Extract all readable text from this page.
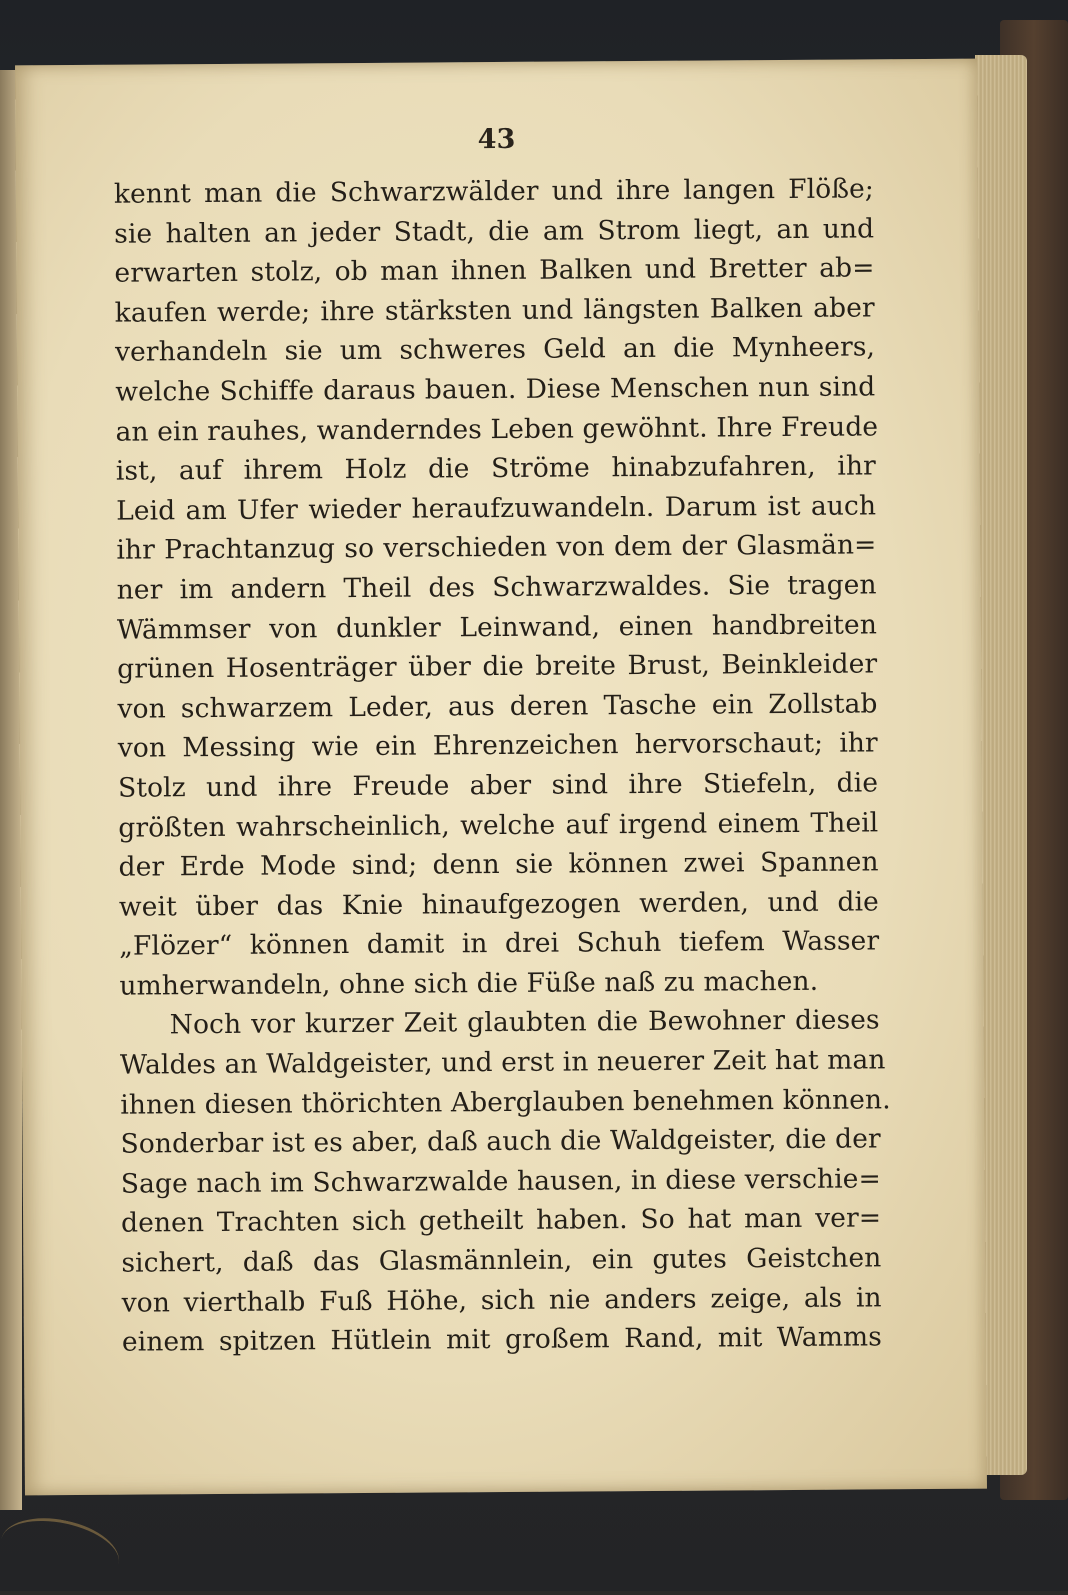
43
kennt man die Schwarzwälder und ihre langen Flöße;
sie halten an jeder Stadt, die am Strom liegt, an und
erwarten stolz, ob man ihnen Balken und Bretter ab=
kaufen werde; ihre stärksten und längsten Balken aber
verhandeln sie um schweres Geld an die Mynheers,
welche Schiffe daraus bauen. Diese Menschen nun sind
an ein rauhes, wanderndes Leben gewöhnt. Ihre Freude
ist, auf ihrem Holz die Ströme hinabzufahren, ihr
Leid am Ufer wieder heraufzuwandeln. Darum ist auch
ihr Prachtanzug so verschieden von dem der Glasmän=
ner im andern Theil des Schwarzwaldes. Sie tragen
Wämmser von dunkler Leinwand, einen handbreiten
grünen Hosenträger über die breite Brust, Beinkleider
von schwarzem Leder, aus deren Tasche ein Zollstab
von Messing wie ein Ehrenzeichen hervorschaut; ihr
Stolz und ihre Freude aber sind ihre Stiefeln, die
größten wahrscheinlich, welche auf irgend einem Theil
der Erde Mode sind; denn sie können zwei Spannen
weit über das Knie hinaufgezogen werden, und die
„Flözer“ können damit in drei Schuh tiefem Wasser
umherwandeln, ohne sich die Füße naß zu machen.
Noch vor kurzer Zeit glaubten die Bewohner dieses
Waldes an Waldgeister, und erst in neuerer Zeit hat man
ihnen diesen thörichten Aberglauben benehmen können.
Sonderbar ist es aber, daß auch die Waldgeister, die der
Sage nach im Schwarzwalde hausen, in diese verschie=
denen Trachten sich getheilt haben. So hat man ver=
sichert, daß das Glasmännlein, ein gutes Geistchen
von vierthalb Fuß Höhe, sich nie anders zeige, als in
einem spitzen Hütlein mit großem Rand, mit Wamms
